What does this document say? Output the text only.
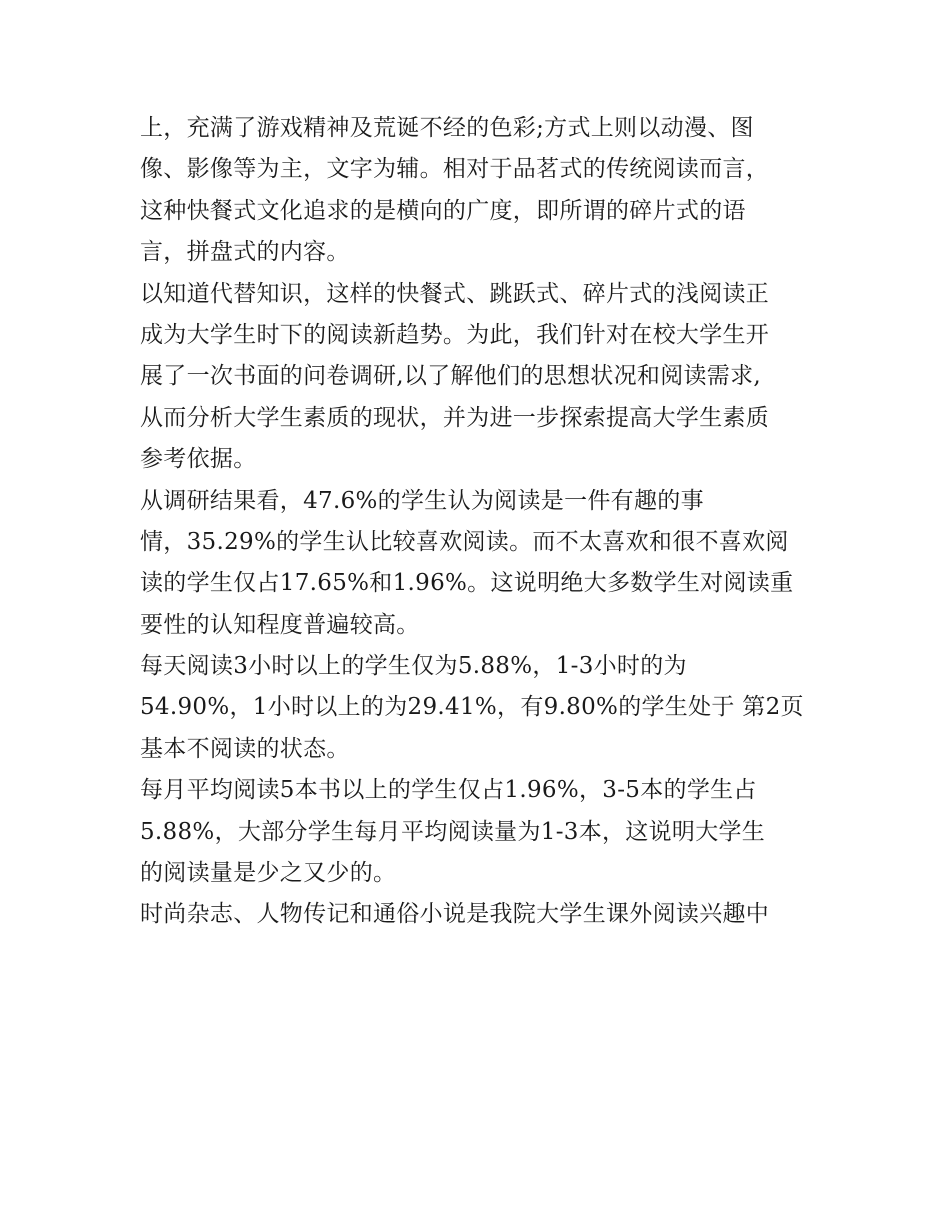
上，充满了游戏精神及荒诞不经的色彩;方式上则以动漫、图
像、影像等为主，文字为辅。相对于品茗式的传统阅读而言，
这种快餐式文化追求的是横向的广度，即所谓的碎片式的语
言，拼盘式的内容。
以知道代替知识，这样的快餐式、跳跃式、碎片式的浅阅读正
成为大学生时下的阅读新趋势。为此，我们针对在校大学生开
展了一次书面的问卷调研,以了解他们的思想状况和阅读需求,
从而分析大学生素质的现状，并为进一步探索提高大学生素质
参考依据。
从调研结果看，47.6%的学生认为阅读是一件有趣的事
情，35.29%的学生认比较喜欢阅读。而不太喜欢和很不喜欢阅
读的学生仅占17.65%和1.96%。这说明绝大多数学生对阅读重
要性的认知程度普遍较高。
每天阅读3小时以上的学生仅为5.88%，1-3小时的为
54.90%，1小时以上的为29.41%，有9.80%的学生处于 第2页
基本不阅读的状态。
每月平均阅读5本书以上的学生仅占1.96%，3-5本的学生占
5.88%，大部分学生每月平均阅读量为1-3本，这说明大学生
的阅读量是少之又少的。
时尚杂志、人物传记和通俗小说是我院大学生课外阅读兴趣中
